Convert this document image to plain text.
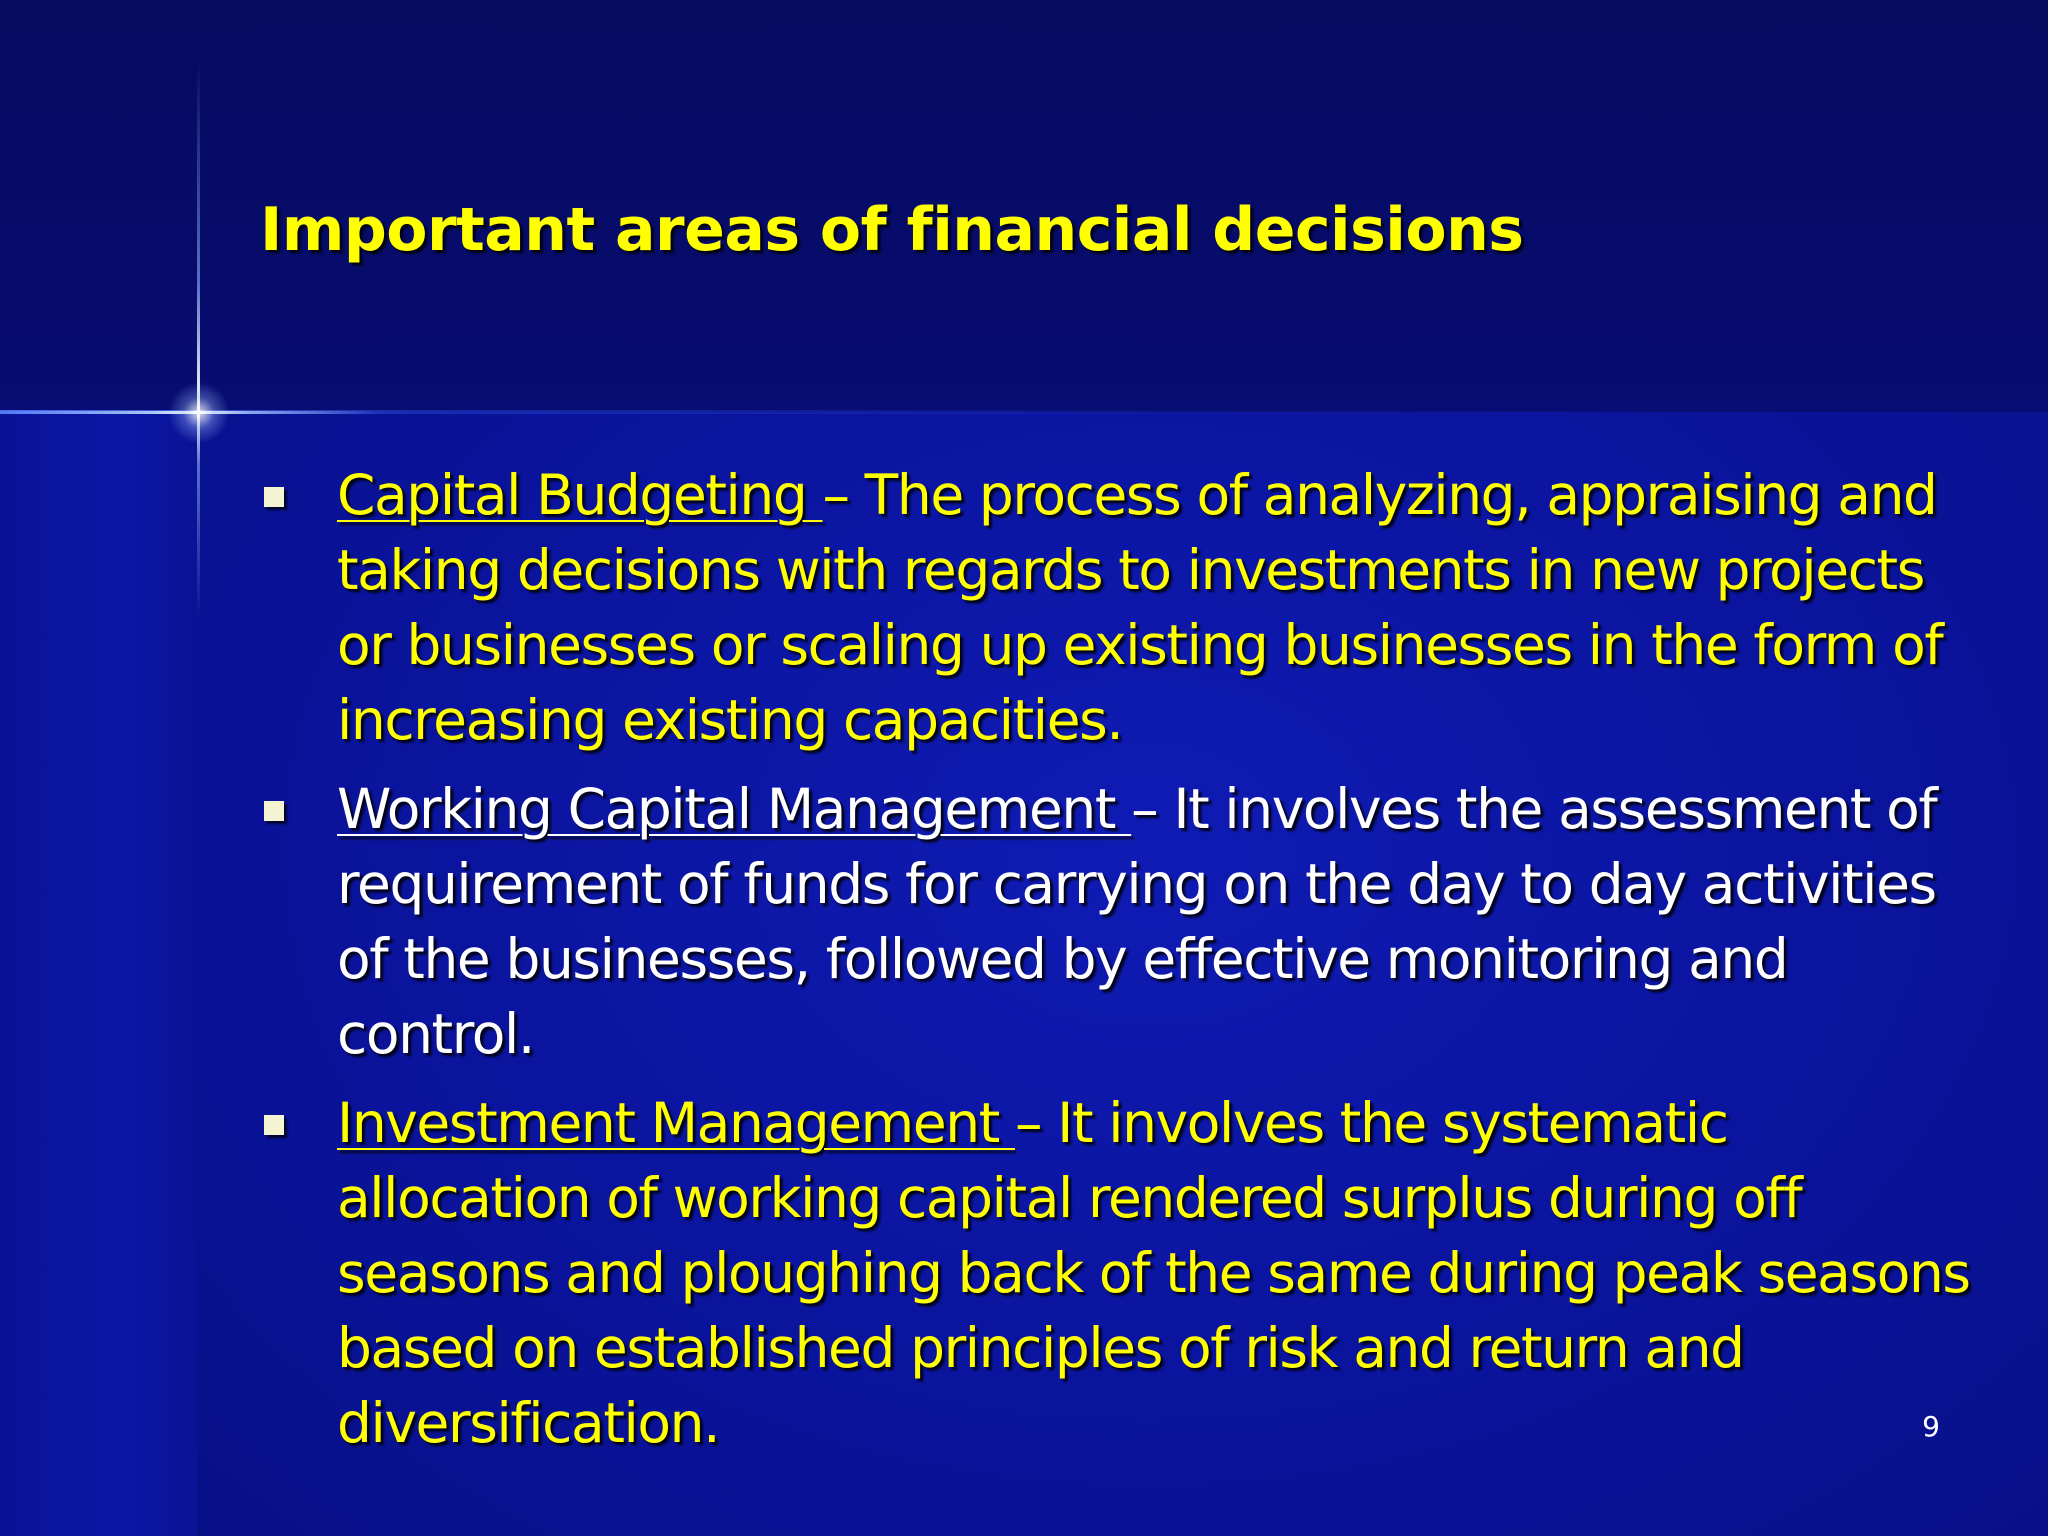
Important areas of financial decisions
Capital Budgeting – The process of analyzing, appraising and taking decisions with regards to investments in new projects or businesses or scaling up existing businesses in the form of increasing existing capacities.
Working Capital Management – It involves the assessment of requirement of funds for carrying on the day to day activities of the businesses, followed by effective monitoring and control.
Investment Management – It involves the systematic allocation of working capital rendered surplus during off seasons and ploughing back of the same during peak seasons based on established principles of risk and return and diversification.	9
